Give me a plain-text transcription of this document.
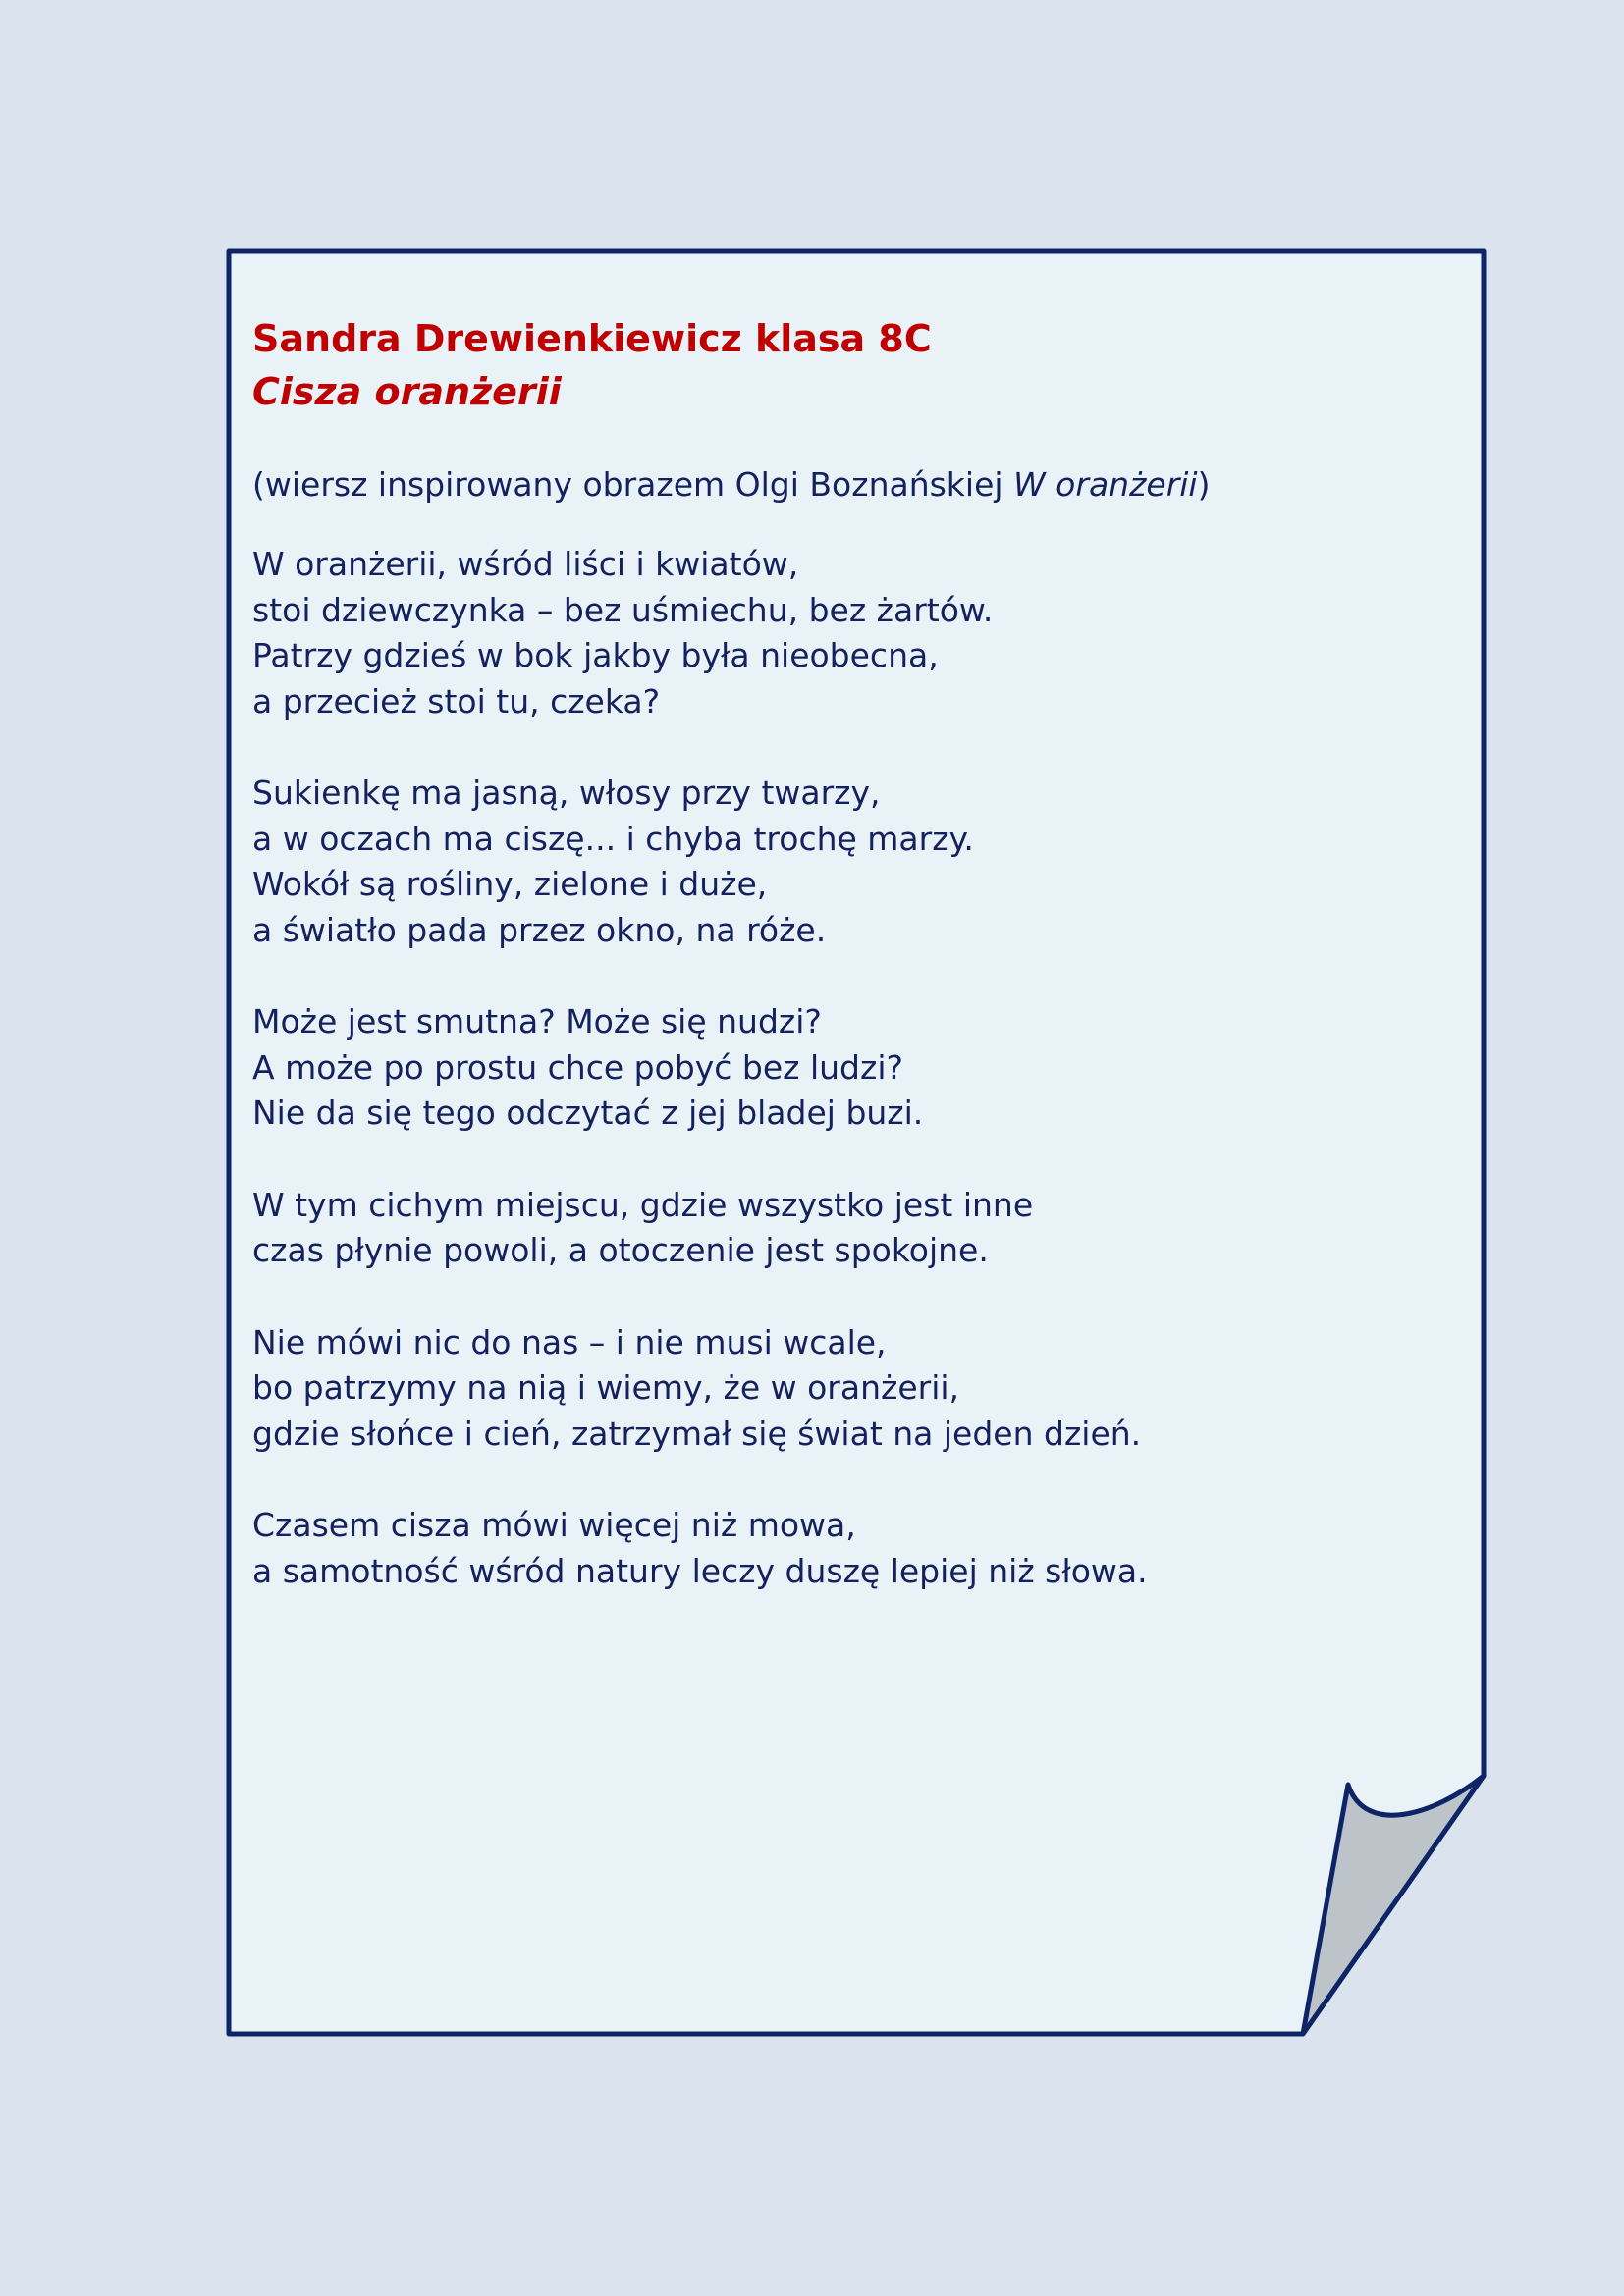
Sandra Drewienkiewicz klasa 8C
Cisza oranżerii
(wiersz inspirowany obrazem Olgi Boznańskiej W oranżerii)
W oranżerii, wśród liści i kwiatów,
stoi dziewczynka – bez uśmiechu, bez żartów.
Patrzy gdzieś w bok jakby była nieobecna,
a przecież stoi tu, czeka?
Sukienkę ma jasną, włosy przy twarzy,
a w oczach ma ciszę... i chyba trochę marzy.
Wokół są rośliny, zielone i duże,
a światło pada przez okno, na róże.
Może jest smutna? Może się nudzi?
A może po prostu chce pobyć bez ludzi?
Nie da się tego odczytać z jej bladej buzi.
W tym cichym miejscu, gdzie wszystko jest inne
czas płynie powoli, a otoczenie jest spokojne.
Nie mówi nic do nas – i nie musi wcale,
bo patrzymy na nią i wiemy, że w oranżerii,
gdzie słońce i cień, zatrzymał się świat na jeden dzień.
Czasem cisza mówi więcej niż mowa,
a samotność wśród natury leczy duszę lepiej niż słowa.
